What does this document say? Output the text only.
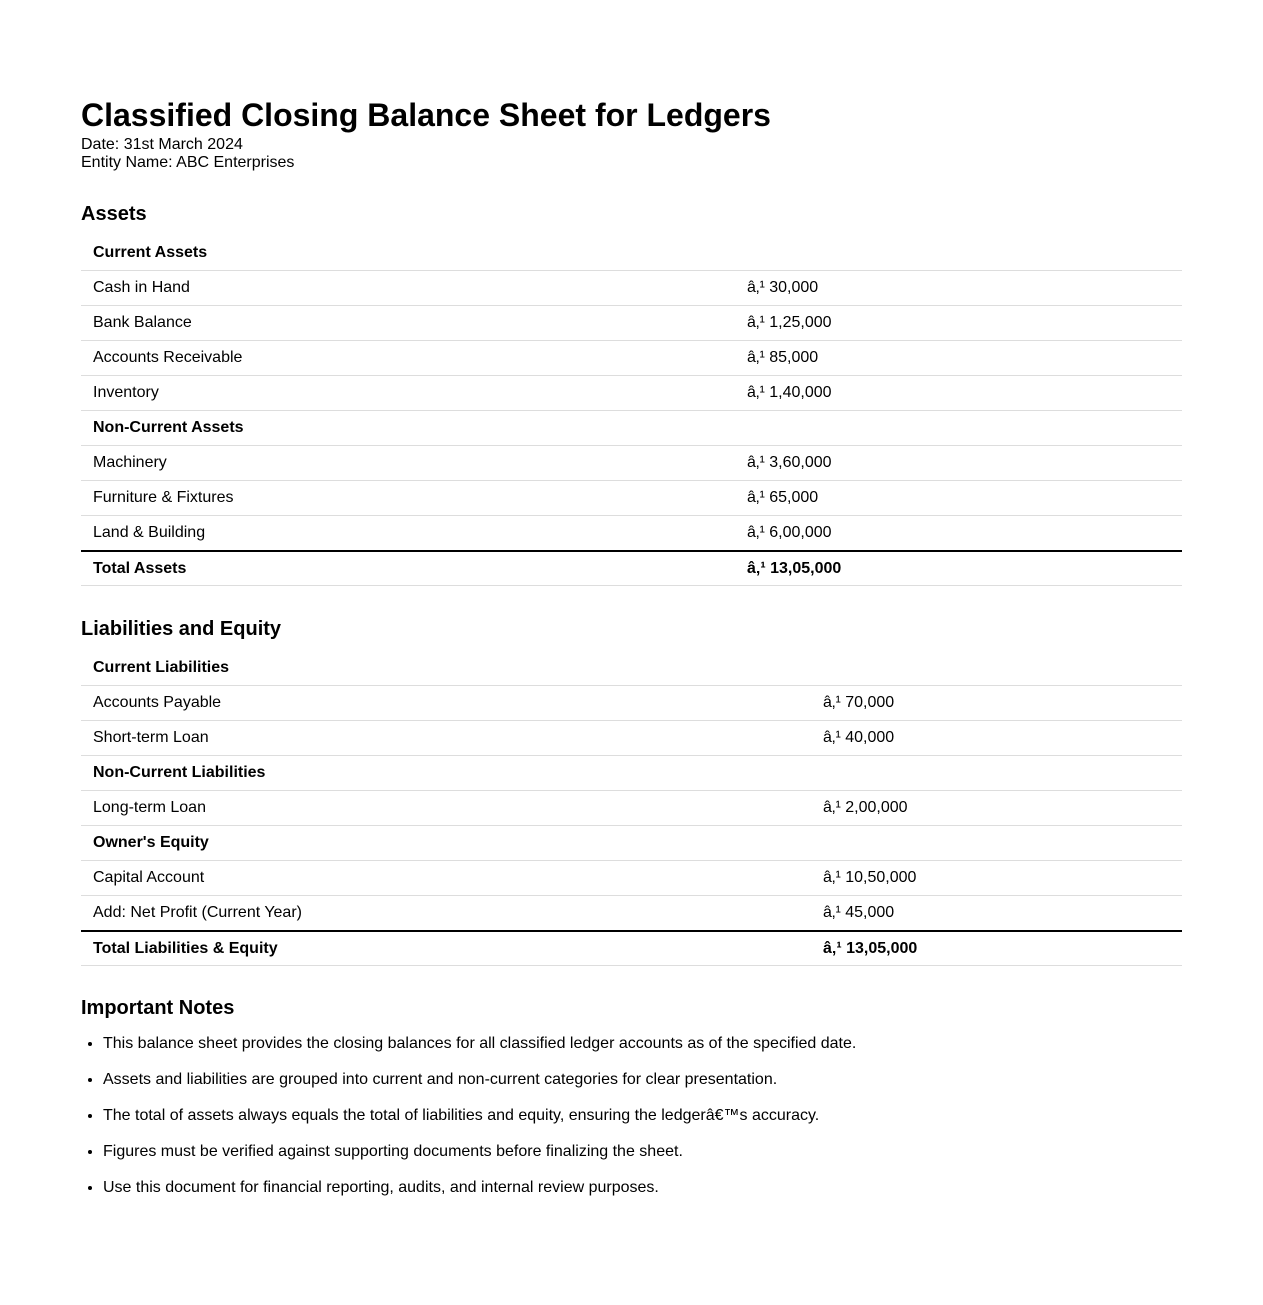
Classified Closing Balance Sheet for Ledgers
Date: 31st March 2024
Entity Name: ABC Enterprises
Assets
Current Assets	
Cash in Hand	â‚¹ 30,000
Bank Balance	â‚¹ 1,25,000
Accounts Receivable	â‚¹ 85,000
Inventory	â‚¹ 1,40,000
Non-Current Assets	
Machinery	â‚¹ 3,60,000
Furniture & Fixtures	â‚¹ 65,000
Land & Building	â‚¹ 6,00,000
Total Assets	â‚¹ 13,05,000
Liabilities and Equity
Current Liabilities	
Accounts Payable	â‚¹ 70,000
Short-term Loan	â‚¹ 40,000
Non-Current Liabilities	
Long-term Loan	â‚¹ 2,00,000
Owner's Equity	
Capital Account	â‚¹ 10,50,000
Add: Net Profit (Current Year)	â‚¹ 45,000
Total Liabilities & Equity	â‚¹ 13,05,000
Important Notes
• This balance sheet provides the closing balances for all classified ledger accounts as of the specified date.
• Assets and liabilities are grouped into current and non-current categories for clear presentation.
• The total of assets always equals the total of liabilities and equity, ensuring the ledgerâ€™s accuracy.
• Figures must be verified against supporting documents before finalizing the sheet.
• Use this document for financial reporting, audits, and internal review purposes.
